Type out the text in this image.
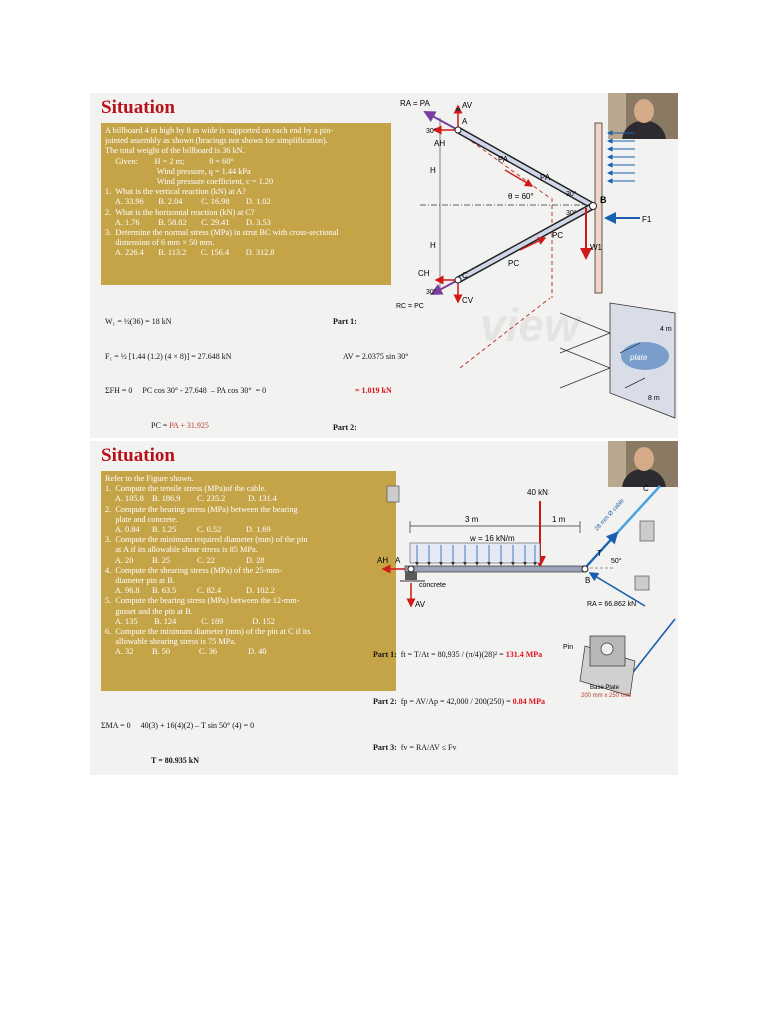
view
Situation
A billboard 4 m high by 8 m wide is supported on each end by a pin-
jointed assembly as shown (bracings not shown for simplification).
The total weight of the billboard is 36 kN.
Given:        H = 2 m;            θ = 60°
Wind pressure, q = 1.44 kPa
Wind pressure coefficient, c = 1.20
1.  What is the vertical reaction (kN) at A?
A. 33.96       B. 2.04         C. 16.98        D. 1.02
2.  What is the horizontal reaction (kN) at C?
A. 1.76         B. 58.82       C. 29.41        D. 3.53
3.  Determine the normal stress (MPa) in strut BC with cross-sectional
dimension of 6 mm × 50 mm.
A. 226.4       B. 113.2       C. 156.4        D. 312.8
RA = PA	AV
A
AH
30°
H
H
PA
PA
θ = 60°	30°
30°
B
F1
W1
PC
PC
CH	C
CV
30°
RC = PC
plate
4 m
8 m

W₁ = ½(36) = 18 kN

F₁ = ½ [1.44 (1.2) (4 × 8)] = 27.648 kN

ΣFH = 0     PC cos 30° - 27.648  – PA cos 30°  = 0

PC = PA + 31.925

Part 1:

AV = 2.0375 sin 30°

= 1.019 kN

Part 2:

Situation
Refer to the Figure shown.
1.  Compute the tensile stress (MPa)of the cable.
A. 105.8    B. 186.9        C. 235.2           D. 131.4
2.  Compute the bearing stress (MPa) between the bearing
plate and concrete.
A. 0.84      B. 1.25          C. 0.52            D. 1.69
3.  Compute the minimum required diameter (mm) of the pin
at A if its allowable shear stress is 85 MPa.
A. 20         B. 25             C. 22               D. 28
4.  Compute the shearing stress (MPa) of the 25-mm-
diameter pin at B.
A. 96.8      B. 63.5          C. 82.4            D. 102.2
5.  Compute the bearing stress (MPa) between the 12-mm-
gusset and the pin at B.
A. 135        B. 124            C. 189              D. 152
6.  Compute the minimum diameter (mm) of the pin at C if its
allowable shearing stress is 75 MPa.
A. 32         B. 50              C. 36               D. 40
40 kN
3 m	1 m
w = 16 kN/m
28 mm Ø cable
T
50°
C
A
AH
AV
B
concrete
RA = 66.862 kN
Pin
Base Plate
200 mm x 250 mm

Part 1: ft = T/At = 80,935 / (π/4)(28)² = 131.4 MPa

Part 2: fp = AV/Ap = 42,000 / 200(250) = 0.84 MPa

Part 3: fv = RA/AV ≤ Fv

ΣMA = 0     40(3) + 16(4)(2) – T sin 50° (4) = 0

T = 80.935 kN
